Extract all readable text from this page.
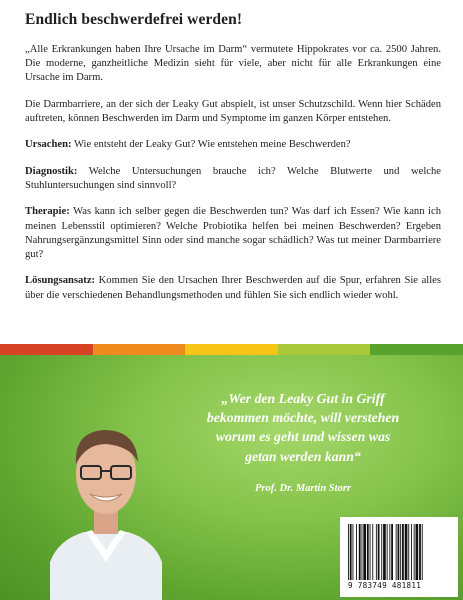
Endlich beschwerdefrei werden!

„Alle Erkrankungen haben Ihre Ursache im Darm“ vermutete Hippokrates vor ca. 2500 Jahren. Die moderne, ganzheitliche Medizin sieht für viele, aber nicht für alle Erkrankungen eine Ursache im Darm.

Die Darmbarriere, an der sich der Leaky Gut abspielt, ist unser Schutzschild. Wenn hier Schäden auftreten, können Beschwerden im Darm und Symptome im ganzen Körper entstehen.

Ursachen: Wie entsteht der Leaky Gut? Wie entstehen meine Beschwerden?

Diagnostik: Welche Untersuchungen brauche ich? Welche Blutwerte und welche Stuhluntersuchungen sind sinnvoll?

Therapie: Was kann ich selber gegen die Beschwerden tun? Was darf ich Essen? Wie kann ich meinen Lebensstil optimieren? Welche Probiotika helfen bei meinen Beschwerden? Ergeben Nahrungsergänzungsmittel Sinn oder sind manche sogar schädlich? Was tut meiner Darmbarriere gut?

Lösungsansatz: Kommen Sie den Ursachen Ihrer Beschwerden auf die Spur, erfahren Sie alles über die verschiedenen Behandlungsmethoden und fühlen Sie sich endlich wieder wohl.

„Wer den Leaky Gut in Griff
bekommen möchte, will verstehen
worum es geht und wissen was
getan werden kann“
Prof. Dr. Martin Storr
9 783749 481811
